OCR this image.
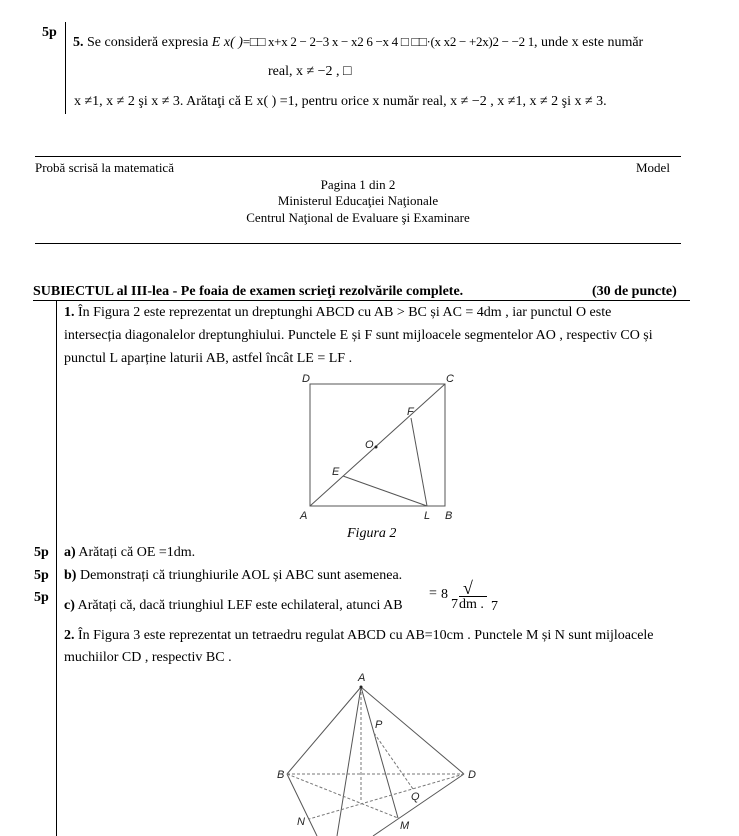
5p
5. Se consideră expresia E x( )=□□ x+x 2 − 2−3 x − x2 6 −x 4 □ □□·(x x2 − +2x)2 − −2 1, unde x este număr
real, x ≠ −2 , □
x ≠1, x ≠ 2 şi x ≠ 3. Arătaţi că E x( ) =1, pentru orice x număr real, x ≠ −2 , x ≠1, x ≠ 2 şi x ≠ 3.
Probă scrisă la matematică	Model
Pagina 1 din 2
Ministerul Educaţiei Naţionale
Centrul Naţional de Evaluare şi Examinare
SUBIECTUL al III-lea - Pe foaia de examen scrieţi rezolvările complete.	(30 de puncte)
1. În Figura 2 este reprezentat un dreptunghi ABCD cu AB > BC și AC = 4dm , iar punctul O este
intersecția diagonalelor dreptunghiului. Punctele E și F sunt mijloacele segmentelor AO , respectiv CO și
punctul L aparține laturii AB, astfel încât LE = LF .
D	C
F
O
E
A	L B
Figura 2
5p a) Arătați că OE =1dm.
5p b) Demonstrați că triunghiurile AOL și ABC sunt asemenea.
5p
c) Arătați că, dacă triunghiul LEF este echilateral, atunci AB
= 8
7
√
dm . 7
2. În Figura 3 este reprezentat un tetraedru regulat ABCD cu AB=10cm . Punctele M și N sunt mijloacele
muchiilor CD , respectiv BC .
A
P
B	D
Q
N	M
